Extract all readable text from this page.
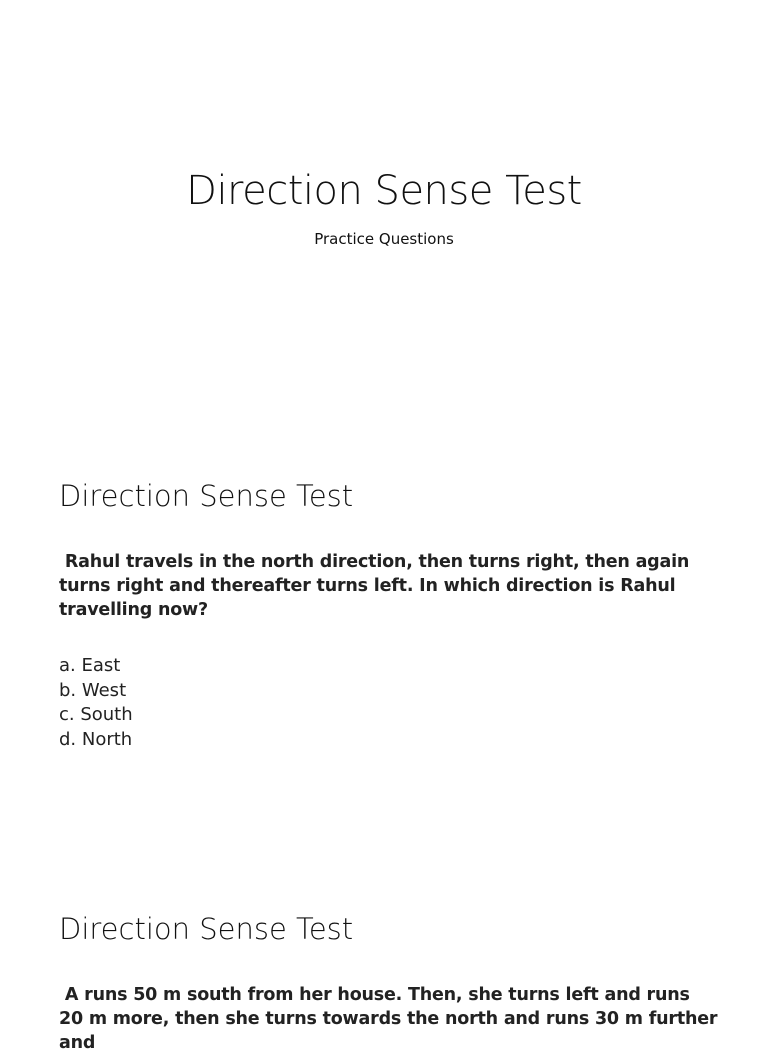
Direction Sense Test
Practice Questions
Direction Sense Test
Rahul travels in the north direction, then turns right, then again turns right and thereafter turns left. In which direction is Rahul travelling now?
a. East
b. West
c. South
d. North
Direction Sense Test
A runs 50 m south from her house. Then, she turns left and runs 20 m more, then she turns towards the north and runs 30 m further and
